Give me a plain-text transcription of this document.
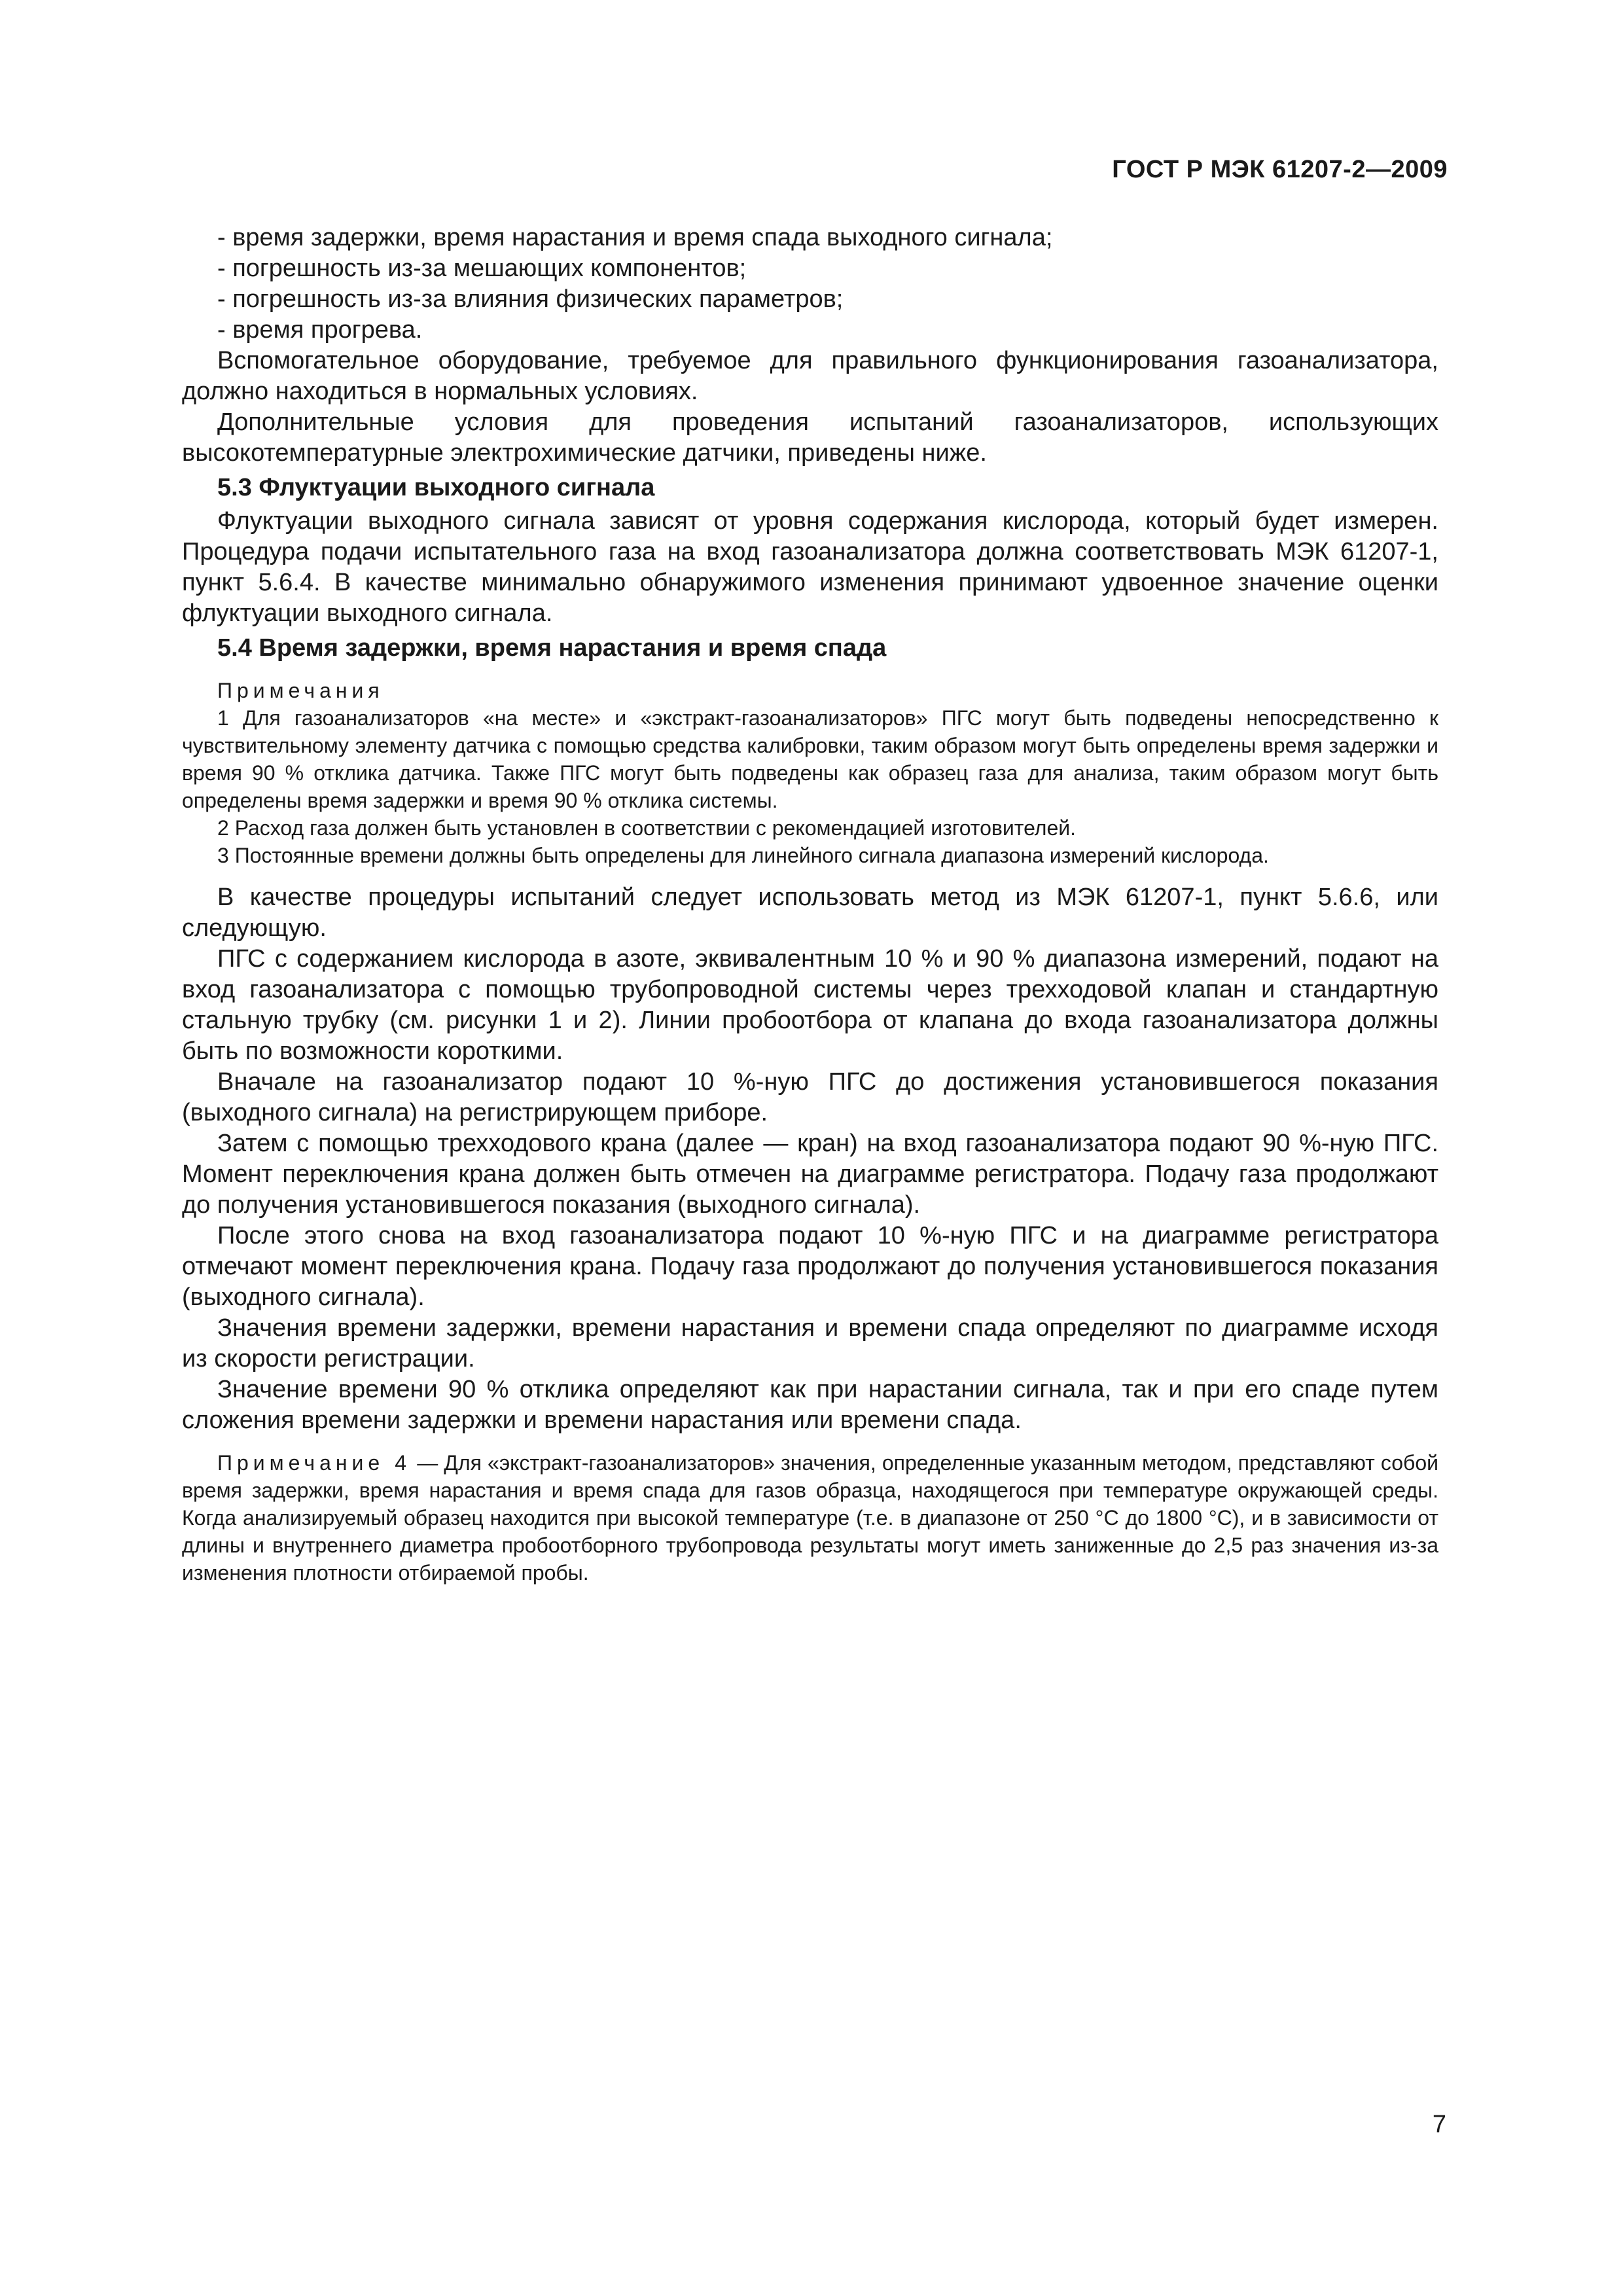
ГОСТ Р МЭК 61207-2—2009

- время задержки, время нарастания и время спада выходного сигнала;

- погрешность из-за мешающих компонентов;

- погрешность из-за влияния физических параметров;

- время прогрева.

Вспомогательное оборудование, требуемое для правильного функционирования газоанализатора, должно находиться в нормальных условиях.

Дополнительные условия для проведения испытаний газоанализаторов, использующих высокотемпературные электрохимические датчики, приведены ниже.

5.3 Флуктуации выходного сигнала

Флуктуации выходного сигнала зависят от уровня содержания кислорода, который будет измерен. Процедура подачи испытательного газа на вход газоанализатора должна соответствовать МЭК 61207-1, пункт 5.6.4. В качестве минимально обнаружимого изменения принимают удвоенное значение оценки флуктуации выходного сигнала.

5.4 Время задержки, время нарастания и время спада
Примечания

1 Для газоанализаторов «на месте» и «экстракт-газоанализаторов» ПГС могут быть подведены непосредственно к чувствительному элементу датчика с помощью средства калибровки, таким образом могут быть определены время задержки и время 90 % отклика датчика. Также ПГС могут быть подведены как образец газа для анализа, таким образом могут быть определены время задержки и время 90 % отклика системы.

2 Расход газа должен быть установлен в соответствии с рекомендацией изготовителей.

3 Постоянные времени должны быть определены для линейного сигнала диапазона измерений кислорода.

В качестве процедуры испытаний следует использовать метод из МЭК 61207-1, пункт 5.6.6, или следующую.

ПГС с содержанием кислорода в азоте, эквивалентным 10 % и 90 % диапазона измерений, подают на вход газоанализатора с помощью трубопроводной системы через трехходовой клапан и стандартную стальную трубку (см. рисунки 1 и 2). Линии пробоотбора от клапана до входа газоанализатора должны быть по возможности короткими.

Вначале на газоанализатор подают 10 %-ную ПГС до достижения установившегося показания (выходного сигнала) на регистрирующем приборе.

Затем с помощью трехходового крана (далее — кран) на вход газоанализатора подают 90 %-ную ПГС. Момент переключения крана должен быть отмечен на диаграмме регистратора. Подачу газа продолжают до получения установившегося показания (выходного сигнала).

После этого снова на вход газоанализатора подают 10 %-ную ПГС и на диаграмме регистратора отмечают момент переключения крана. Подачу газа продолжают до получения установившегося показания (выходного сигнала).

Значения времени задержки, времени нарастания и времени спада определяют по диаграмме исходя из скорости регистрации.

Значение времени 90 % отклика определяют как при нарастании сигнала, так и при его спаде путем сложения времени задержки и времени нарастания или времени спада.

Примечание 4 — Для «экстракт-газоанализаторов» значения, определенные указанным методом, представляют собой время задержки, время нарастания и время спада для газов образца, находящегося при температуре окружающей среды. Когда анализируемый образец находится при высокой температуре (т.е. в диапазоне от 250 °С до 1800 °С), и в зависимости от длины и внутреннего диаметра пробоотборного трубопровода результаты могут иметь заниженные до 2,5 раз значения из-за изменения плотности отбираемой пробы.

7
